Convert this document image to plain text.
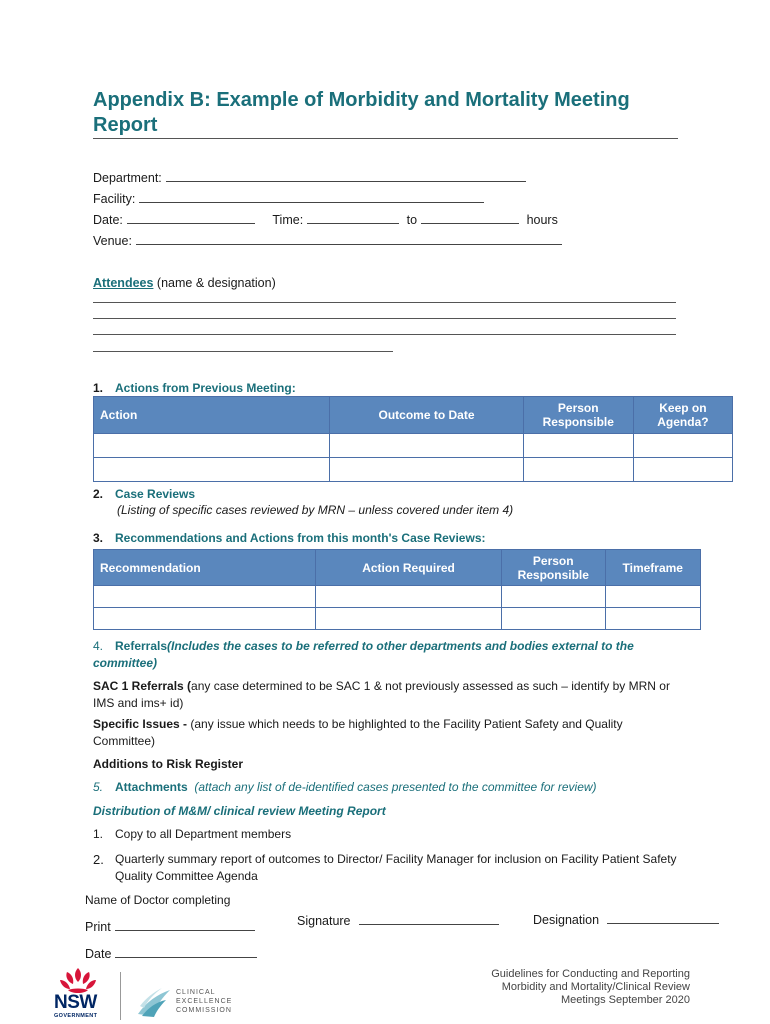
Appendix B: Example of Morbidity and Mortality Meeting Report
Department:
Facility:
Date:	Time:	to	hours
Venue:
Attendees (name & designation)
1. Actions from Previous Meeting:
Action	Outcome to Date	Person Responsible	Keep on Agenda?

2. Case Reviews
(Listing of specific cases reviewed by MRN – unless covered under item 4)
3. Recommendations and Actions from this month's Case Reviews:
Recommendation	Action Required	Person Responsible	Timeframe

4. Referrals(Includes the cases to be referred to other departments and bodies external to the committee)
SAC 1 Referrals (any case determined to be SAC 1 & not previously assessed as such – identify by MRN or IMS and ims+ id)
Specific Issues - (any issue which needs to be highlighted to the Facility Patient Safety and Quality Committee)
Additions to Risk Register
5. Attachments (attach any list of de-identified cases presented to the committee for review)
Distribution of M&M/ clinical review Meeting Report
1. Copy to all Department members
2. Quarterly summary report of outcomes to Director/ Facility Manager for inclusion on Facility Patient Safety Quality Committee Agenda
Name of Doctor completing
Print	Signature	Designation
Date
NSW
GOVERNMENT
CLINICAL
EXCELLENCE
COMMISSION
Guidelines for Conducting and Reporting
Morbidity and Mortality/Clinical Review
Meetings September 2020
